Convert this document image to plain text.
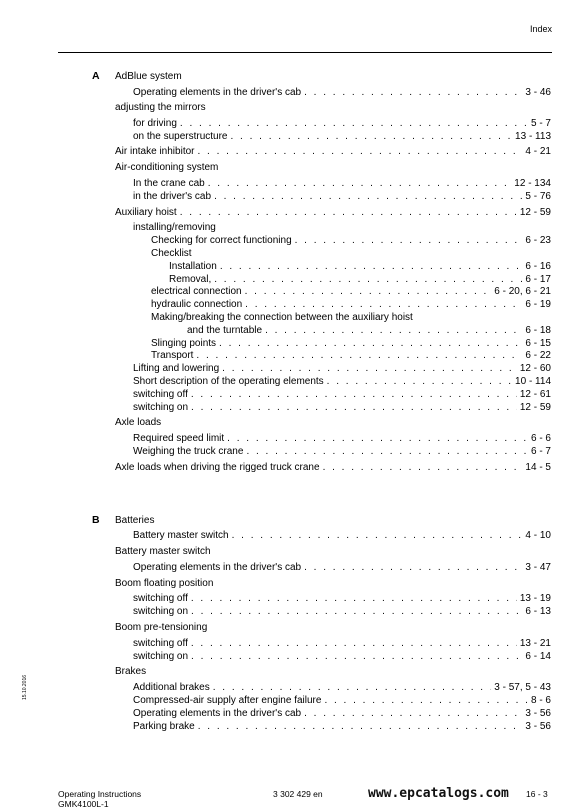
Index
A
B
AdBlue system
Operating elements in the driver's cab . . .	3 - 46
adjusting the mirrors
for driving . . .	5 - 7
on the superstructure . . .	13 - 113
Air intake inhibitor . . .	4 - 21
Air-conditioning system
In the crane cab . . .	12 - 134
in the driver's cab . . .	5 - 76
Auxiliary hoist . . .	12 - 59
installing/removing
Checking for correct functioning . . .	6 - 23
Checklist
Installation . . .	6 - 16
Removal, . . .	6 - 17
electrical connection . . .	6 - 20, 6 - 21
hydraulic connection . . .	6 - 19
Making/breaking the connection between the auxiliary hoist
and the turntable . . .	6 - 18
Slinging points . . .	6 - 15
Transport . . .	6 - 22
Lifting and lowering . . .	12 - 60
Short description of the operating elements . . .	10 - 114
switching off . . .	12 - 61
switching on . . .	12 - 59
Axle loads
Required speed limit . . .	6 - 6
Weighing the truck crane . . .	6 - 7
Axle loads when driving the rigged truck crane . . .	14 - 5
Batteries
Battery master switch . . .	4 - 10
Battery master switch
Operating elements in the driver's cab . . .	3 - 47
Boom floating position
switching off . . .	13 - 19
switching on . . .	6 - 13
Boom pre-tensioning
switching off . . .	13 - 21
switching on . . .	6 - 14
Brakes
Additional brakes . . .	3 - 57, 5 - 43
Compressed-air supply after engine failure . . .	8 - 6
Operating elements in the driver's cab . . .	3 - 56
Parking brake . . .	3 - 56
15.10.2016
Operating Instructions
GMK4100L-1
3 302 429 en	16 - 3
www.epcatalogs.com
